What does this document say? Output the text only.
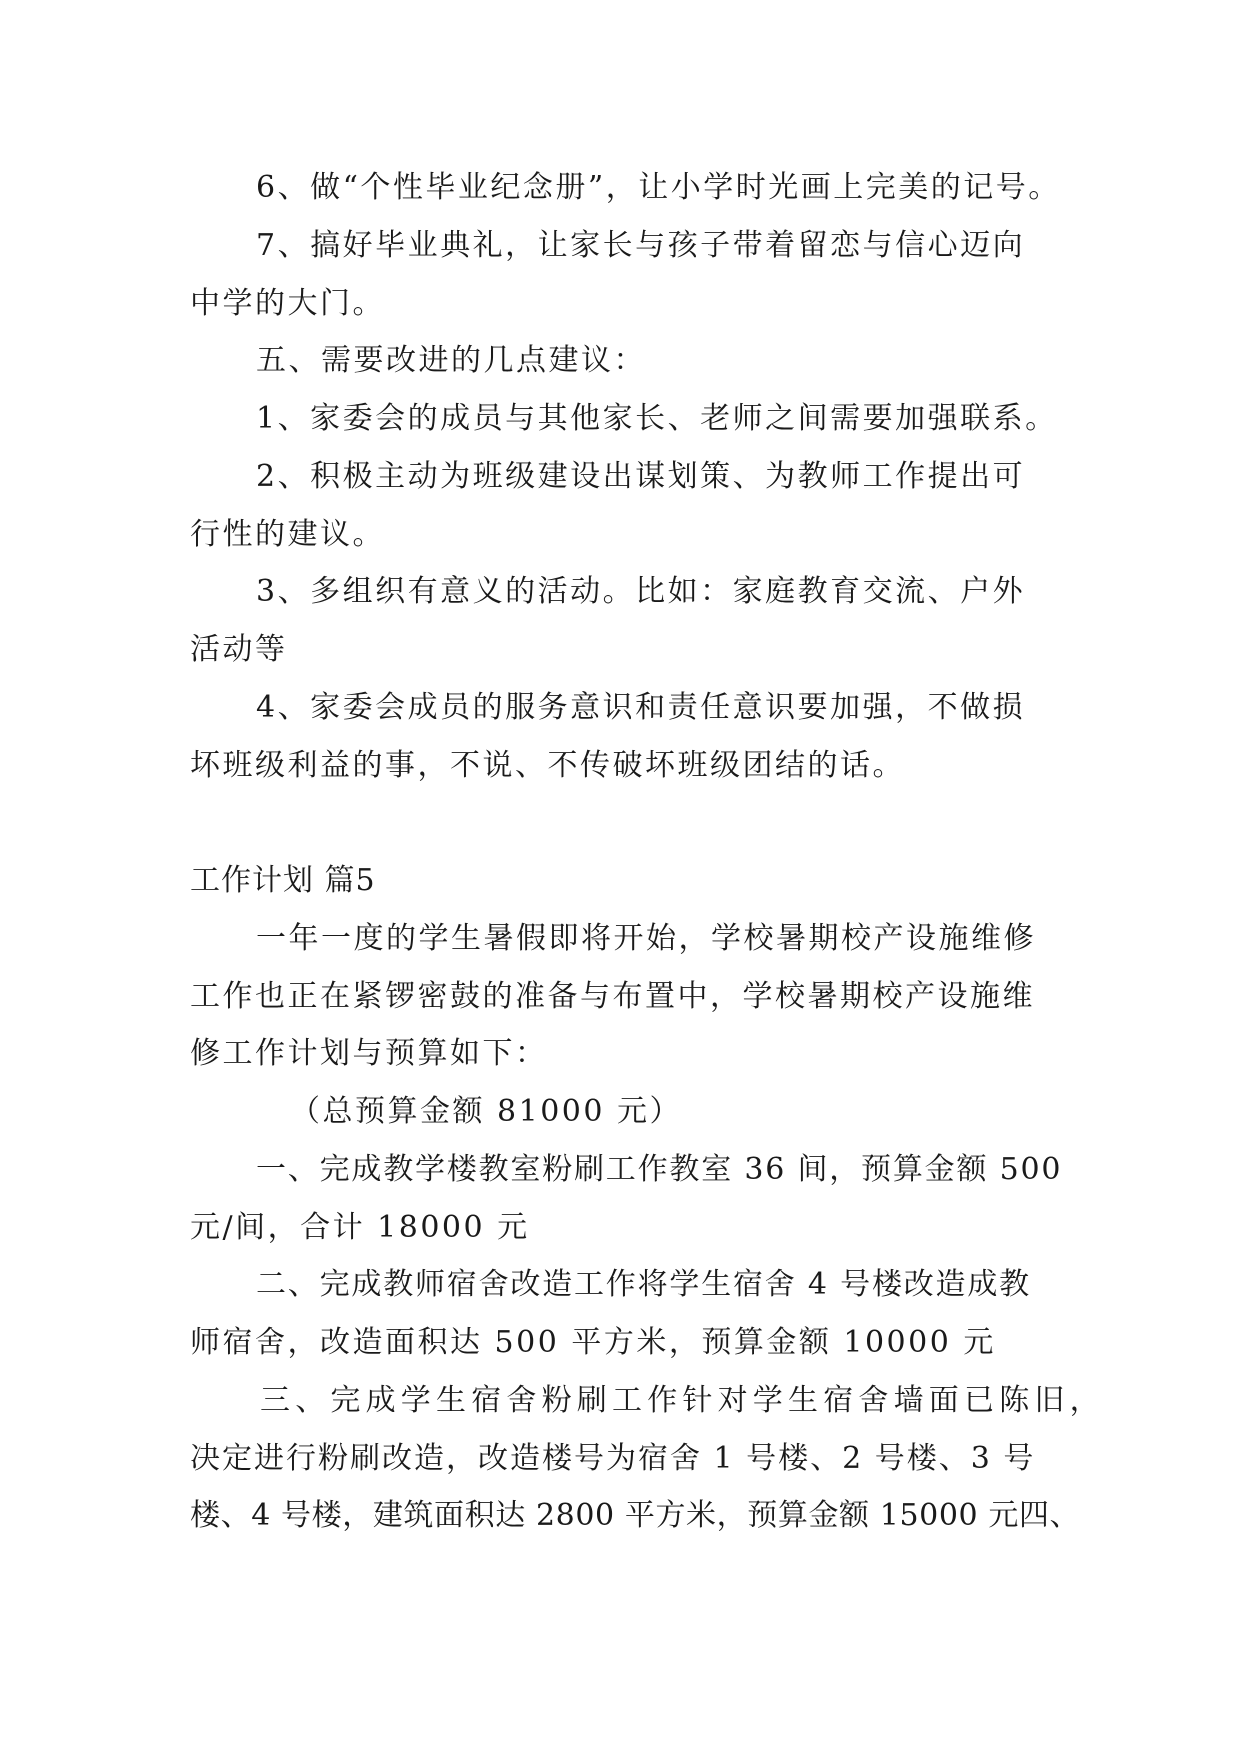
6、做“个性毕业纪念册”，让小学时光画上完美的记号。
7、搞好毕业典礼，让家长与孩子带着留恋与信心迈向
中学的大门。
五、需要改进的几点建议：
1、家委会的成员与其他家长、老师之间需要加强联系。
2、积极主动为班级建设出谋划策、为教师工作提出可
行性的建议。
3、多组织有意义的活动。比如：家庭教育交流、户外
活动等
4、家委会成员的服务意识和责任意识要加强，不做损
坏班级利益的事，不说、不传破坏班级团结的话。
工作计划 篇5
一年一度的学生暑假即将开始，学校暑期校产设施维修
工作也正在紧锣密鼓的准备与布置中，学校暑期校产设施维
修工作计划与预算如下：
（总预算金额 81000 元）
一、完成教学楼教室粉刷工作教室 36 间，预算金额 500
元/间，合计 18000 元
二、完成教师宿舍改造工作将学生宿舍 4 号楼改造成教
师宿舍，改造面积达 500 平方米，预算金额 10000 元
三、完成学生宿舍粉刷工作针对学生宿舍墙面已陈旧，
决定进行粉刷改造，改造楼号为宿舍 1 号楼、2 号楼、3 号
楼、4 号楼，建筑面积达 2800 平方米，预算金额 15000 元四、
